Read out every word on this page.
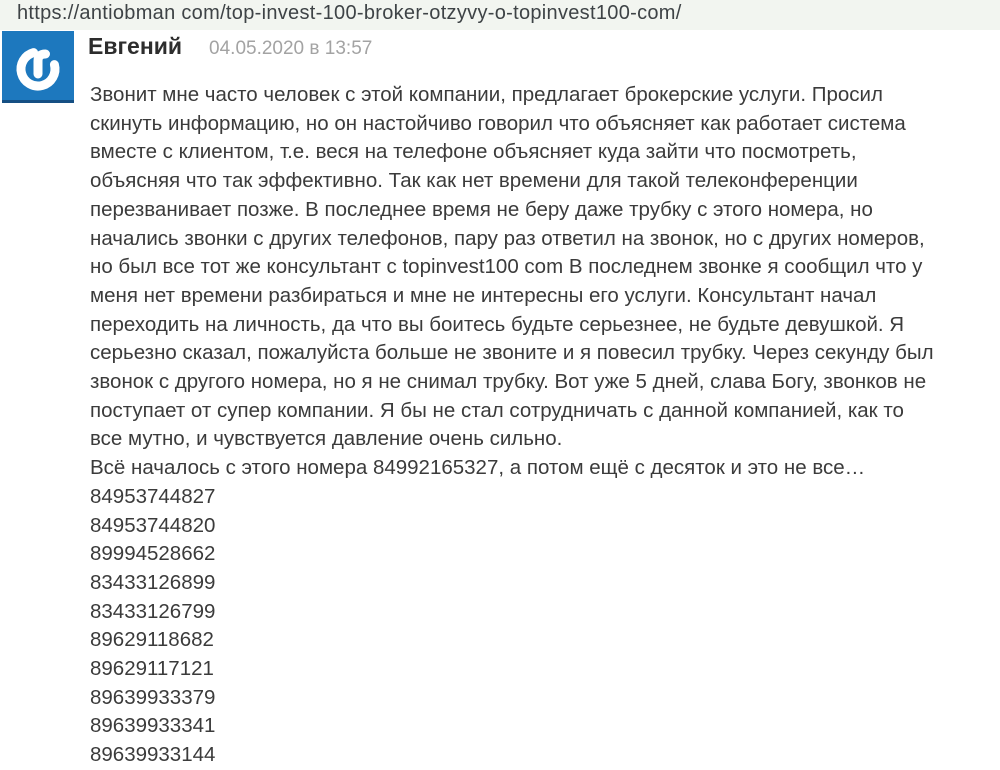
https://antiobman com/top-invest-100-broker-otzyvy-o-topinvest100-com/
Евгений 04.05.2020 в 13:57
Звонит мне часто человек с этой компании, предлагает брокерские услуги. Просил
скинуть информацию, но он настойчиво говорил что объясняет как работает система
вместе с клиентом, т.е. веся на телефоне объясняет куда зайти что посмотреть,
объясняя что так эффективно. Так как нет времени для такой телеконференции
перезванивает позже. В последнее время не беру даже трубку с этого номера, но
начались звонки с других телефонов, пару раз ответил на звонок, но с других номеров,
но был все тот же консультант с topinvest100 com В последнем звонке я сообщил что у
меня нет времени разбираться и мне не интересны его услуги. Консультант начал
переходить на личность, да что вы боитесь будьте серьезнее, не будьте девушкой. Я
серьезно сказал, пожалуйста больше не звоните и я повесил трубку. Через секунду был
звонок с другого номера, но я не снимал трубку. Вот уже 5 дней, слава Богу, звонков не
поступает от супер компании. Я бы не стал сотрудничать с данной компанией, как то
все мутно, и чувствуется давление очень сильно.
Всё началось с этого номера 84992165327, а потом ещё с десяток и это не все…
84953744827
84953744820
89994528662
83433126899
83433126799
89629118682
89629117121
89639933379
89639933341
89639933144
